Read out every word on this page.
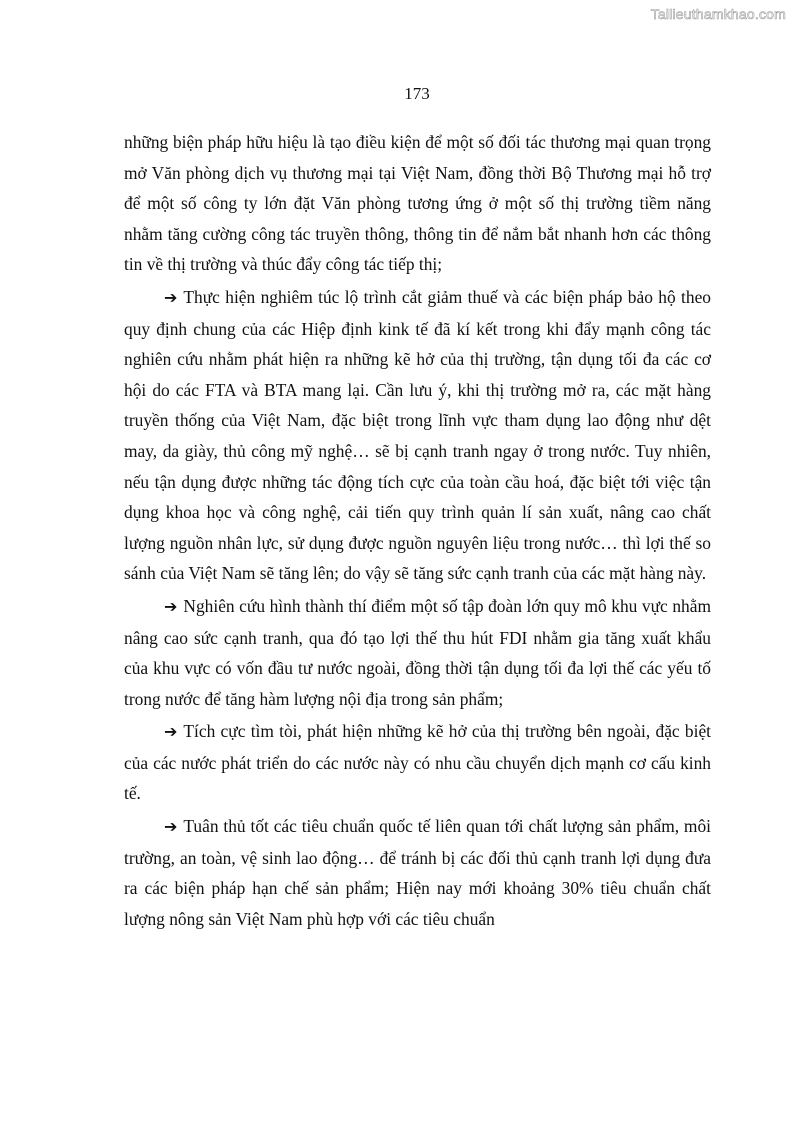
Tailieuthamkhao.com
173

những biện pháp hữu hiệu là tạo điều kiện để một số đối tác thương mại quan trọng mở Văn phòng dịch vụ thương mại tại Việt Nam, đồng thời Bộ Thương mại hỗ trợ để một số công ty lớn đặt Văn phòng tương ứng ở một số thị trường tiềm năng nhằm tăng cường công tác truyền thông, thông tin để nắm bắt nhanh hơn các thông tin về thị trường và thúc đẩy công tác tiếp thị;

➔ Thực hiện nghiêm túc lộ trình cắt giảm thuế và các biện pháp bảo hộ theo quy định chung của các Hiệp định kink tế đã kí kết trong khi đẩy mạnh công tác nghiên cứu nhằm phát hiện ra những kẽ hở của thị trường, tận dụng tối đa các cơ hội do các FTA và BTA mang lại. Cần lưu ý, khi thị trường mở ra, các mặt hàng truyền thống của Việt Nam, đặc biệt trong lĩnh vực tham dụng lao động như dệt may, da giày, thủ công mỹ nghệ… sẽ bị cạnh tranh ngay ở trong nước. Tuy nhiên, nếu tận dụng được những tác động tích cực của toàn cầu hoá, đặc biệt tới việc tận dụng khoa học và công nghệ, cải tiến quy trình quản lí sản xuất, nâng cao chất lượng nguồn nhân lực, sử dụng được nguồn nguyên liệu trong nước… thì lợi thế so sánh của Việt Nam sẽ tăng lên; do vậy sẽ tăng sức cạnh tranh của các mặt hàng này.

➔ Nghiên cứu hình thành thí điểm một số tập đoàn lớn quy mô khu vực nhằm nâng cao sức cạnh tranh, qua đó tạo lợi thế thu hút FDI nhằm gia tăng xuất khẩu của khu vực có vốn đầu tư nước ngoài, đồng thời tận dụng tối đa lợi thế các yếu tố trong nước để tăng hàm lượng nội địa trong sản phẩm;

➔ Tích cực tìm tòi, phát hiện những kẽ hở của thị trường bên ngoài, đặc biệt của các nước phát triển do các nước này có nhu cầu chuyển dịch mạnh cơ cấu kinh tế.

➔ Tuân thủ tốt các tiêu chuẩn quốc tế liên quan tới chất lượng sản phẩm, môi trường, an toàn, vệ sinh lao động… để tránh bị các đối thủ cạnh tranh lợi dụng đưa ra các biện pháp hạn chế sản phẩm; Hiện nay mới khoảng 30% tiêu chuẩn chất lượng nông sản Việt Nam phù hợp với các tiêu chuẩn
